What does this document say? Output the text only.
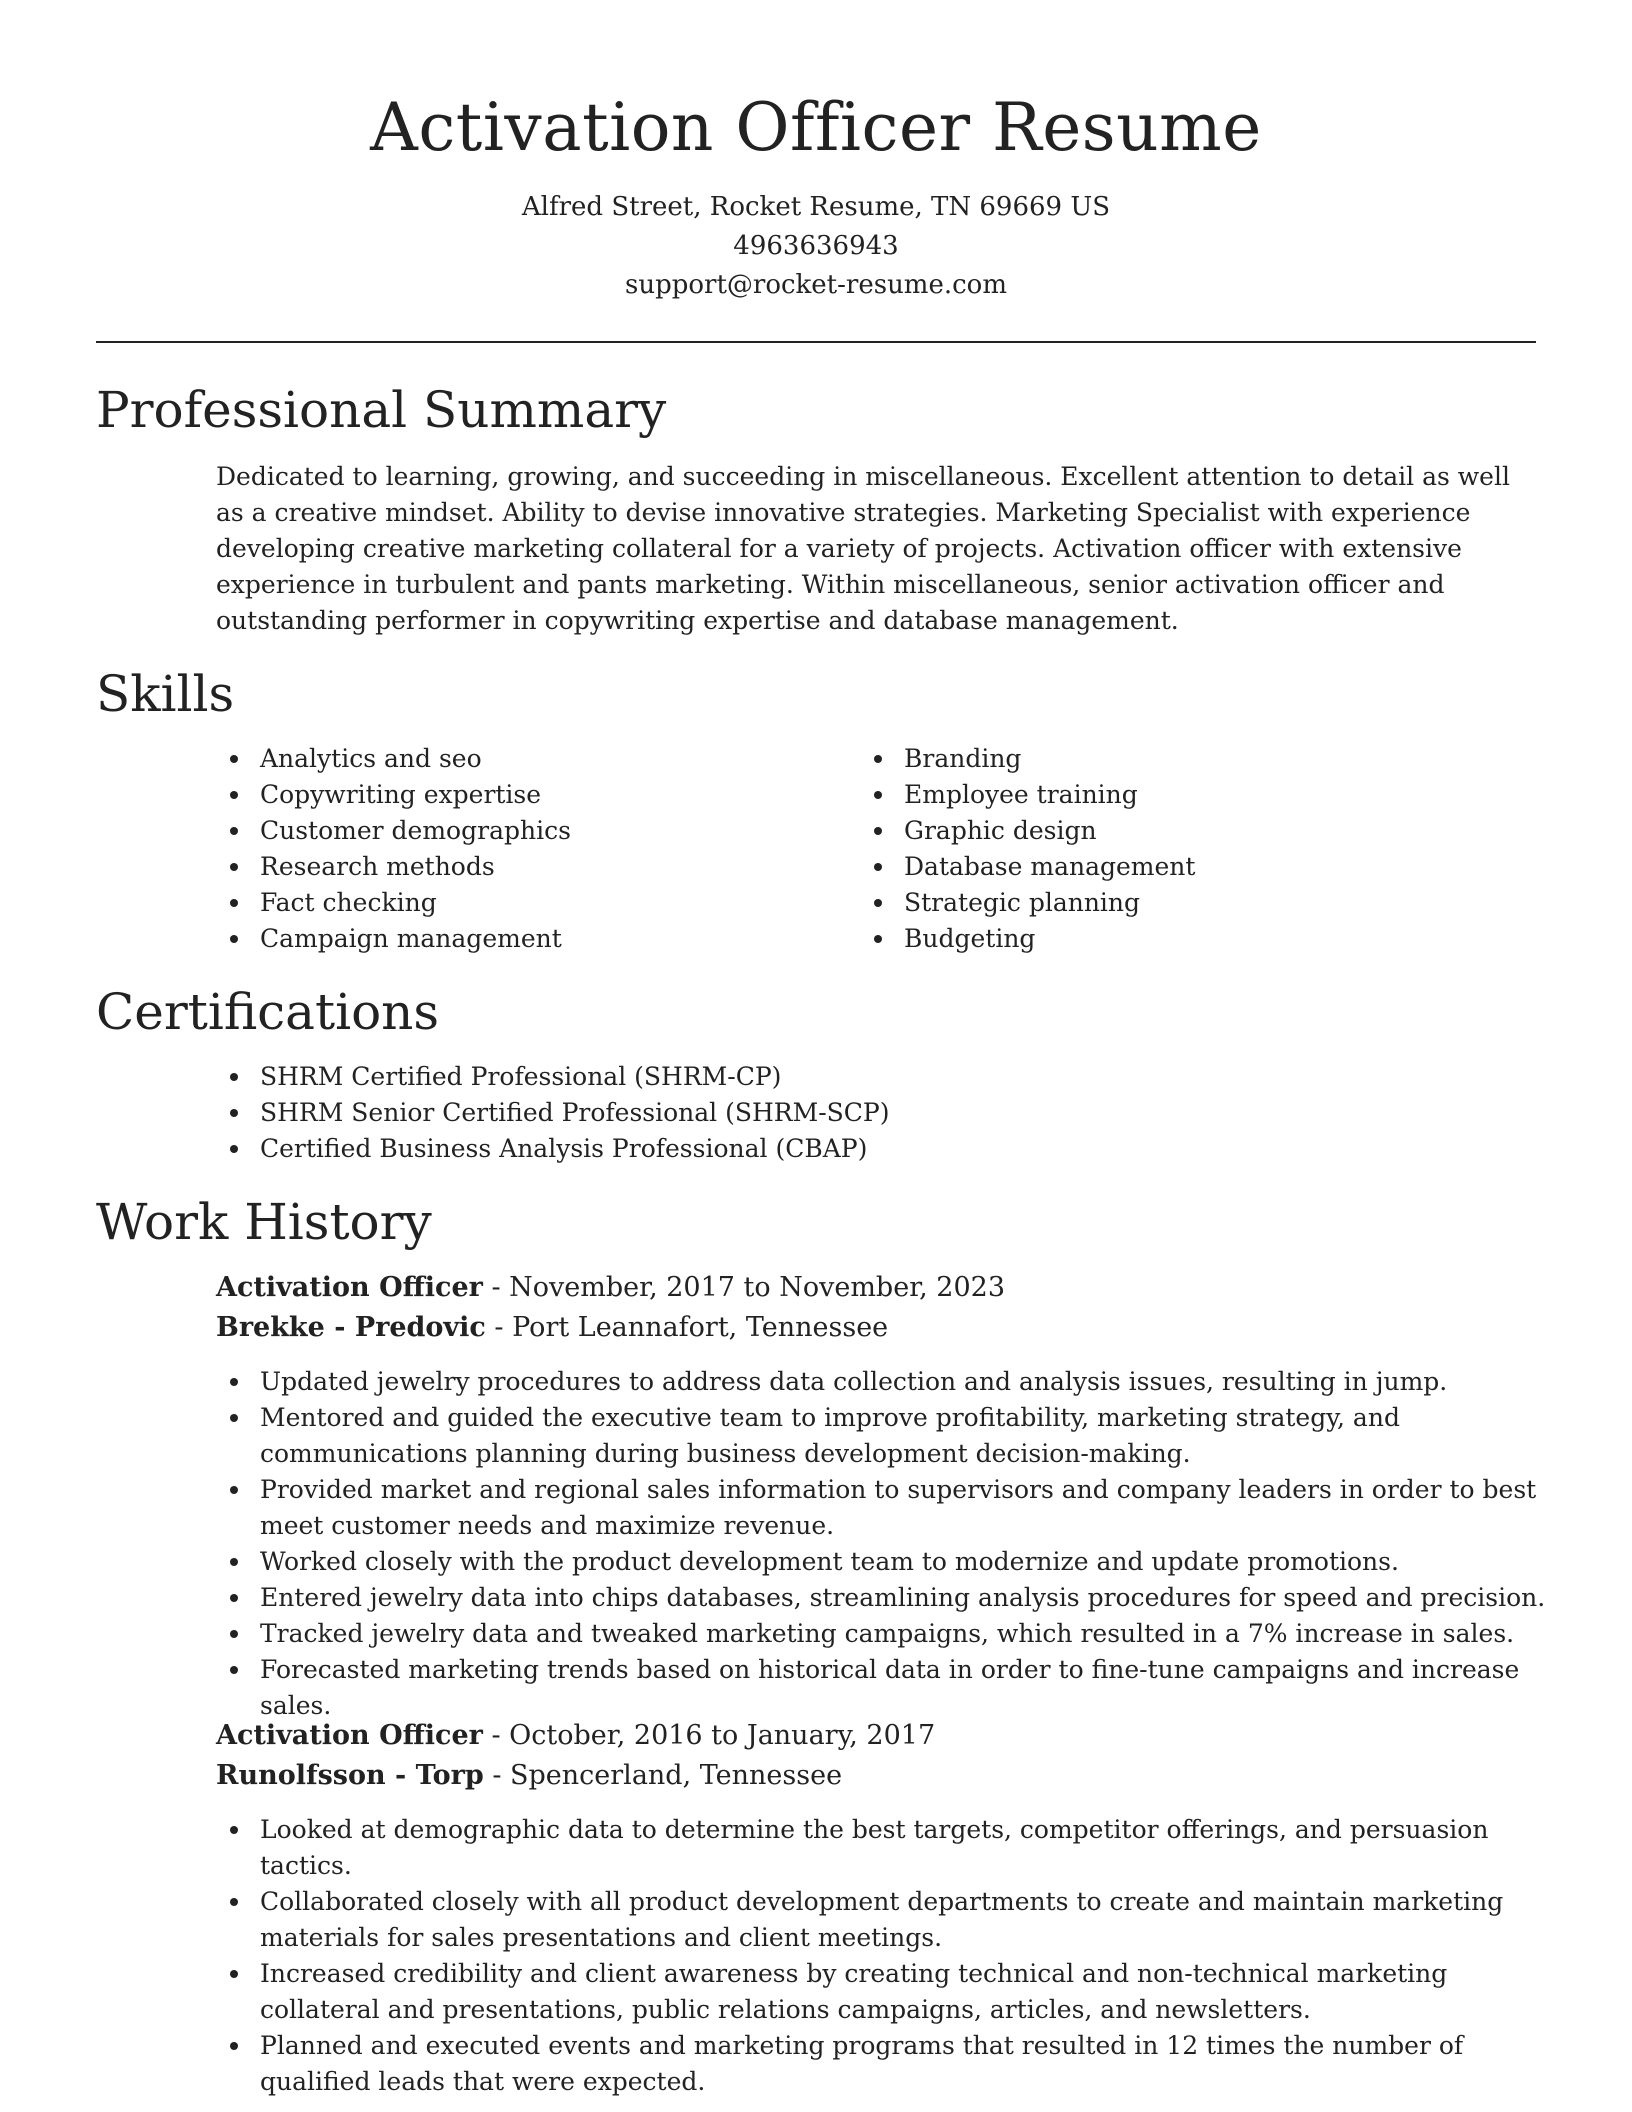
Activation Officer Resume
Alfred Street, Rocket Resume, TN 69669 US
4963636943
support@rocket-resume.com
Professional Summary

Dedicated to learning, growing, and succeeding in miscellaneous. Excellent attention to detail as well as a creative mindset. Ability to devise innovative strategies. Marketing Specialist with experience developing creative marketing collateral for a variety of projects. Activation officer with extensive experience in turbulent and pants marketing. Within miscellaneous, senior activation officer and outstanding performer in copywriting expertise and database management.

Skills
Analytics and seo
Copywriting expertise
Customer demographics
Research methods
Fact checking
Campaign management
Branding
Employee training
Graphic design
Database management
Strategic planning
Budgeting
Certifications
SHRM Certified Professional (SHRM-CP)
SHRM Senior Certified Professional (SHRM-SCP)
Certified Business Analysis Professional (CBAP)
Work History
Activation Officer - November, 2017 to November, 2023
Brekke - Predovic - Port Leannafort, Tennessee
Updated jewelry procedures to address data collection and analysis issues, resulting in jump.
Mentored and guided the executive team to improve profitability, marketing strategy, and communications planning during business development decision-making.
Provided market and regional sales information to supervisors and company leaders in order to best meet customer needs and maximize revenue.
Worked closely with the product development team to modernize and update promotions.
Entered jewelry data into chips databases, streamlining analysis procedures for speed and precision.
Tracked jewelry data and tweaked marketing campaigns, which resulted in a 7% increase in sales.
Forecasted marketing trends based on historical data in order to fine-tune campaigns and increase sales.
Activation Officer - October, 2016 to January, 2017
Runolfsson - Torp - Spencerland, Tennessee
Looked at demographic data to determine the best targets, competitor offerings, and persuasion tactics.
Collaborated closely with all product development departments to create and maintain marketing materials for sales presentations and client meetings.
Increased credibility and client awareness by creating technical and non-technical marketing collateral and presentations, public relations campaigns, articles, and newsletters.
Planned and executed events and marketing programs that resulted in 12 times the number of qualified leads that were expected.
